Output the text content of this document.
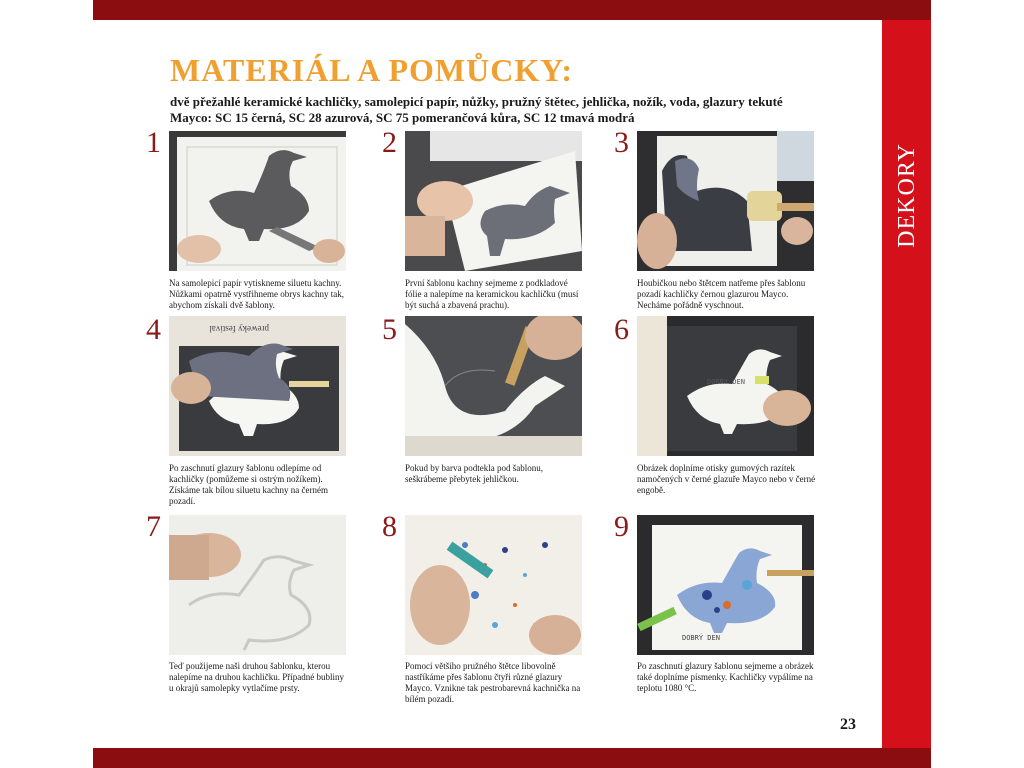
DEKORY
MATERIÁL A POMŮCKY:
dvě přežahlé keramické kachličky, samolepicí papír, nůžky, pružný štětec, jehlička, nožík, voda, glazury tekuté Mayco: SC 15 černá, SC 28 azurová, SC 75 pomerančová kůra, SC 12 tmavá modrá
1
Na samolepicí papír vytiskneme siluetu kachny. Nůžkami opatrně vystřihneme obrys kachny tak, abychom získali dvě šablony.
2
První šablonu kachny sejmeme z podkladové fólie a nalepíme na keramickou kachličku (musí být suchá a zbavená prachu).
3
Houbičkou nebo štětcem natřeme přes šablonu pozadí kachličky černou glazurou Mayco. Necháme pořádně vyschnout.
4	preweky festival
Po zaschnutí glazury šablonu odlepíme od kachličky (pomůžeme si ostrým nožíkem). Získáme tak bílou siluetu kachny na černém pozadí.
5
Pokud by barva podtekla pod šablonu, seškrábeme přebytek jehličkou.
6
DOBRÝ DEN
Obrázek doplníme otisky gumových razítek namočených v černé glazuře Mayco nebo v černé engobě.
7
Teď použijeme naši druhou šablonku, kterou nalepíme na druhou kachličku. Případné bubliny u okrajů samolepky vytlačíme prsty.
8
Pomocí většího pružného štětce libovolně nastříkáme přes šablonu čtyři různé glazury Mayco. Vznikne tak pestrobarevná kachnička na bílém pozadí.
9
DOBRÝ DEN
Po zaschnutí glazury šablonu sejmeme a obrázek také doplníme písmenky. Kachličky vypálíme na teplotu 1080 °C.
23
